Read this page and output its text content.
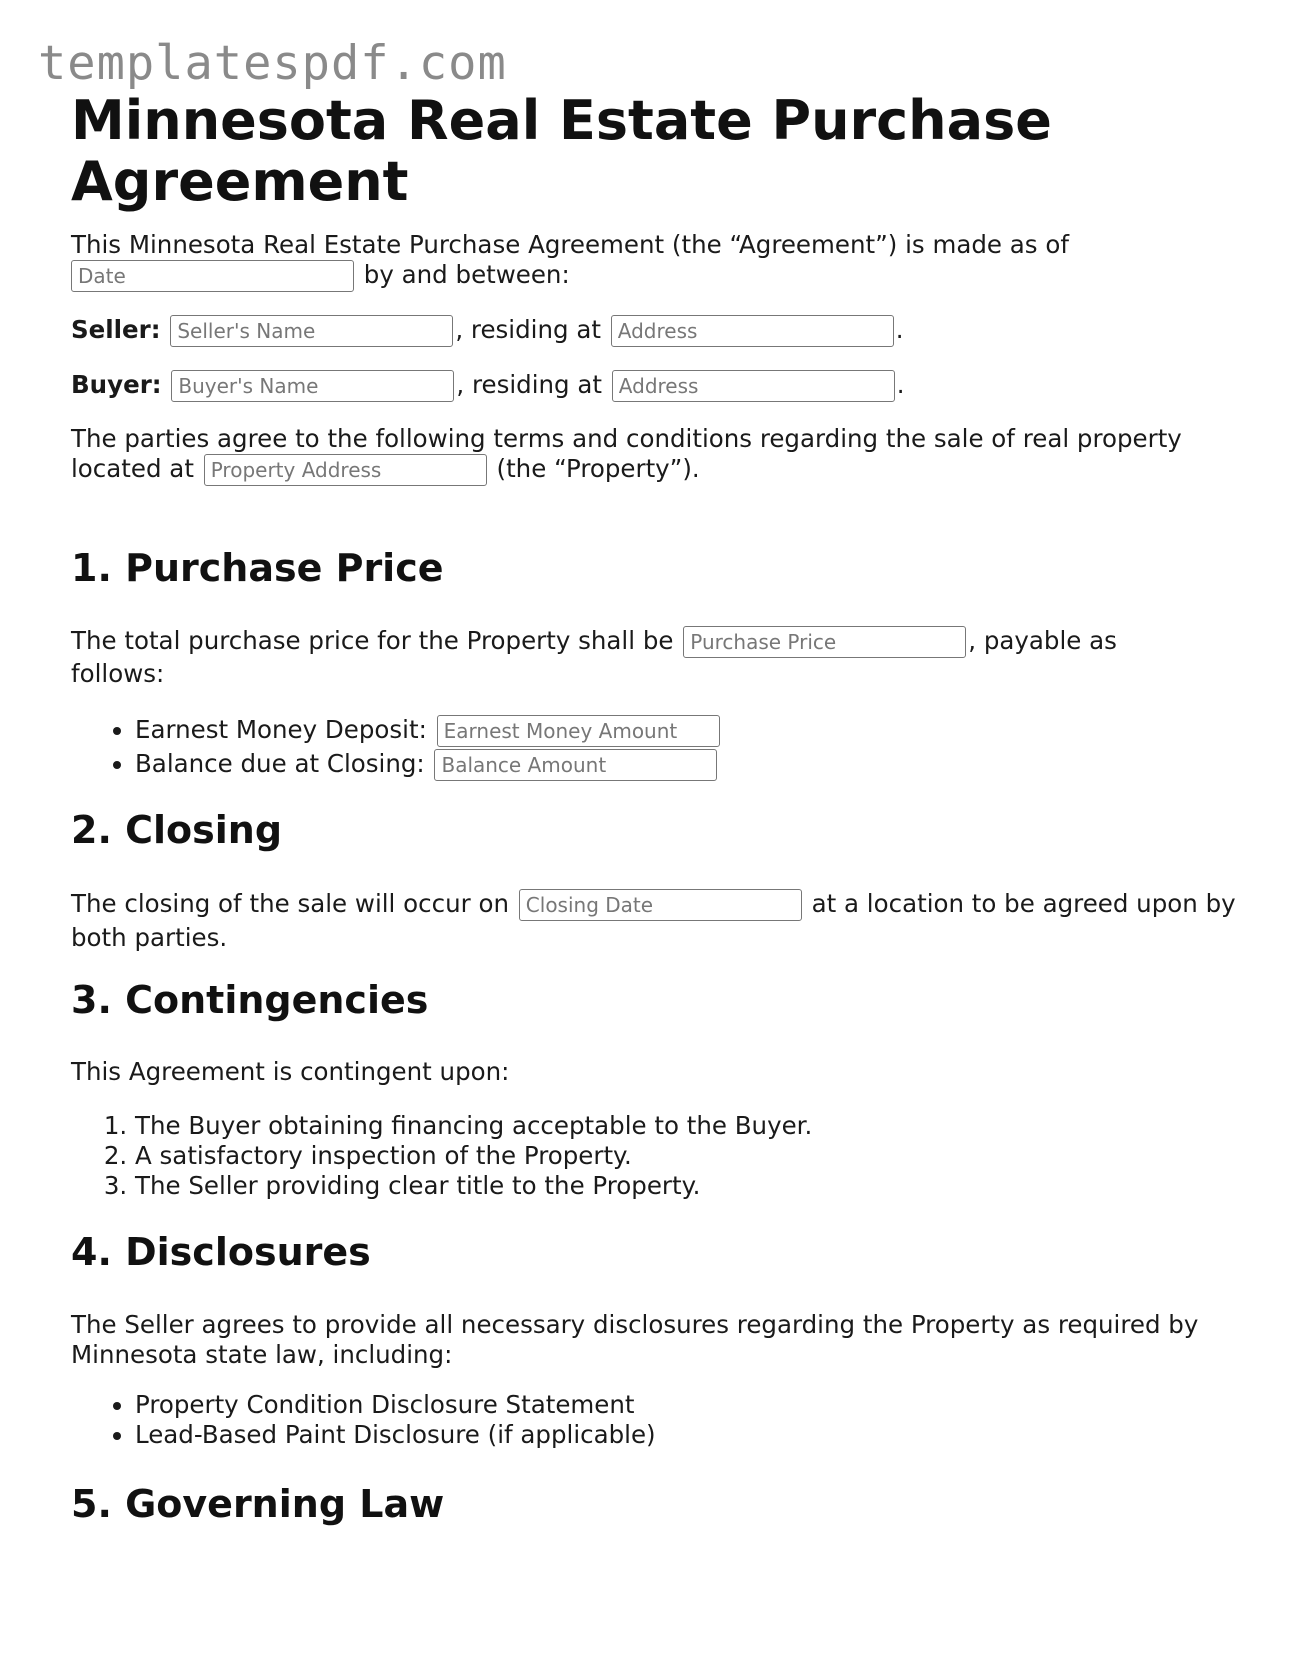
templatespdf.com
Minnesota Real Estate Purchase Agreement
This Minnesota Real Estate Purchase Agreement (the “Agreement”) is made as of
Date by and between:
Seller: Seller's Name	, residing at Address	.
Buyer: Buyer's Name	, residing at Address	.
The parties agree to the following terms and conditions regarding the sale of real property located at Property Address	(the “Property”).
1. Purchase Price
The total purchase price for the Property shall be Purchase Price	, payable as follows:
• Earnest Money Deposit: Earnest Money Amount
• Balance due at Closing: Balance Amount
2. Closing
The closing of the sale will occur on Closing Date	at a location to be agreed upon by both parties.
3. Contingencies
This Agreement is contingent upon:
1. The Buyer obtaining financing acceptable to the Buyer.
2. A satisfactory inspection of the Property.
3. The Seller providing clear title to the Property.
4. Disclosures
The Seller agrees to provide all necessary disclosures regarding the Property as required by Minnesota state law, including:
• Property Condition Disclosure Statement
• Lead-Based Paint Disclosure (if applicable)
5. Governing Law
